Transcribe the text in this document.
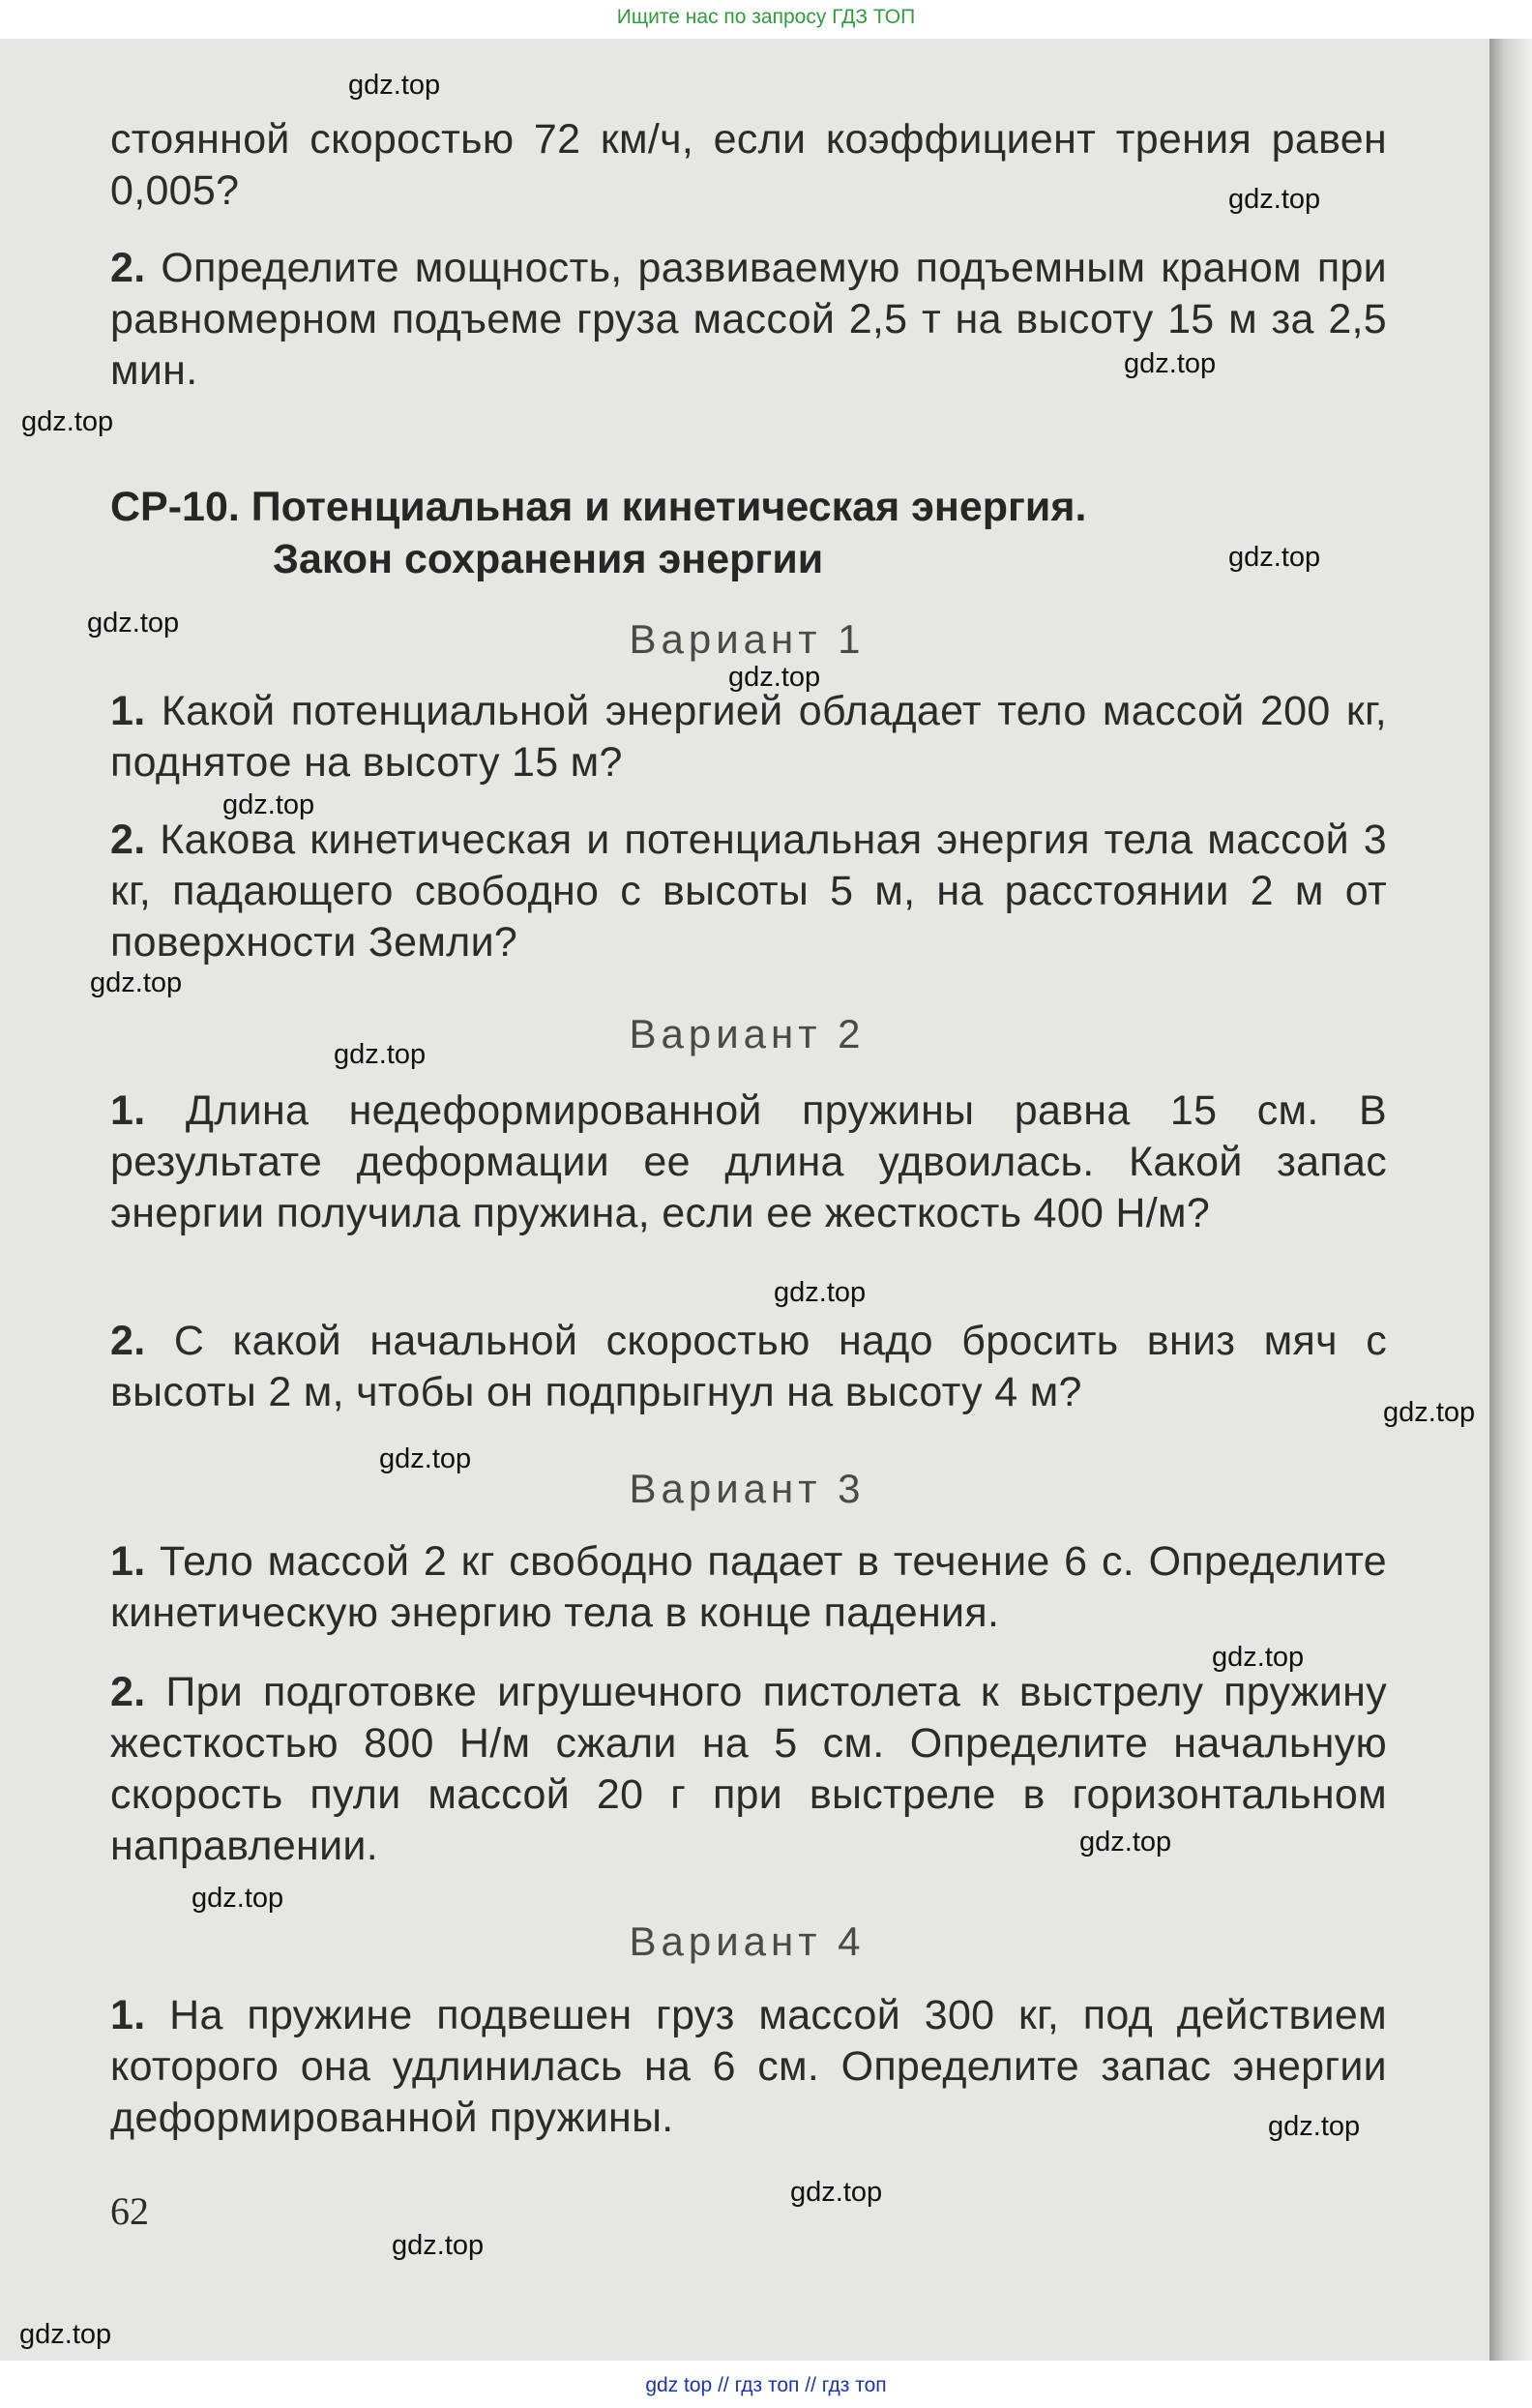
Ищите нас по запросу ГДЗ ТОП

стоянной скоростью 72 км/ч, если коэффициент трения равен 0,005?

2. Определите мощность, развиваемую подъемным краном при равномерном подъеме груза массой 2,5 т на высоту 15 м за 2,5 мин.

СР-10. Потенциальная и кинетическая энергия.
Закон сохранения энергии
Вариант 1

1. Какой потенциальной энергией обладает тело массой 200 кг, поднятое на высоту 15 м?

2. Какова кинетическая и потенциальная энергия тела массой 3 кг, падающего свободно с высоты 5 м, на расстоянии 2 м от поверхности Земли?

Вариант 2

1. Длина недеформированной пружины равна 15 см. В результате деформации ее длина удвоилась. Какой запас энергии получила пружина, если ее жесткость 400 Н/м?

2. С какой начальной скоростью надо бросить вниз мяч с высоты 2 м, чтобы он подпрыгнул на высоту 4 м?

Вариант 3

1. Тело массой 2 кг свободно падает в течение 6 с. Определите кинетическую энергию тела в конце падения.

2. При подготовке игрушечного пистолета к выстрелу пружину жесткостью 800 Н/м сжали на 5 см. Определите начальную скорость пули массой 20 г при выстреле в горизонтальном направлении.

Вариант 4

1. На пружине подвешен груз массой 300 кг, под действием которого она удлинилась на 6 см. Определите запас энергии деформированной пружины.

62
gdz.top
gdz.top
gdz.top
gdz.top
gdz.top
gdz.top
gdz.top
gdz.top
gdz.top
gdz.top
gdz.top
gdz.top
gdz.top
gdz.top
gdz.top
gdz.top
gdz.top
gdz.top
gdz.top
gdz.top
gdz top // гдз топ // гдз топ
